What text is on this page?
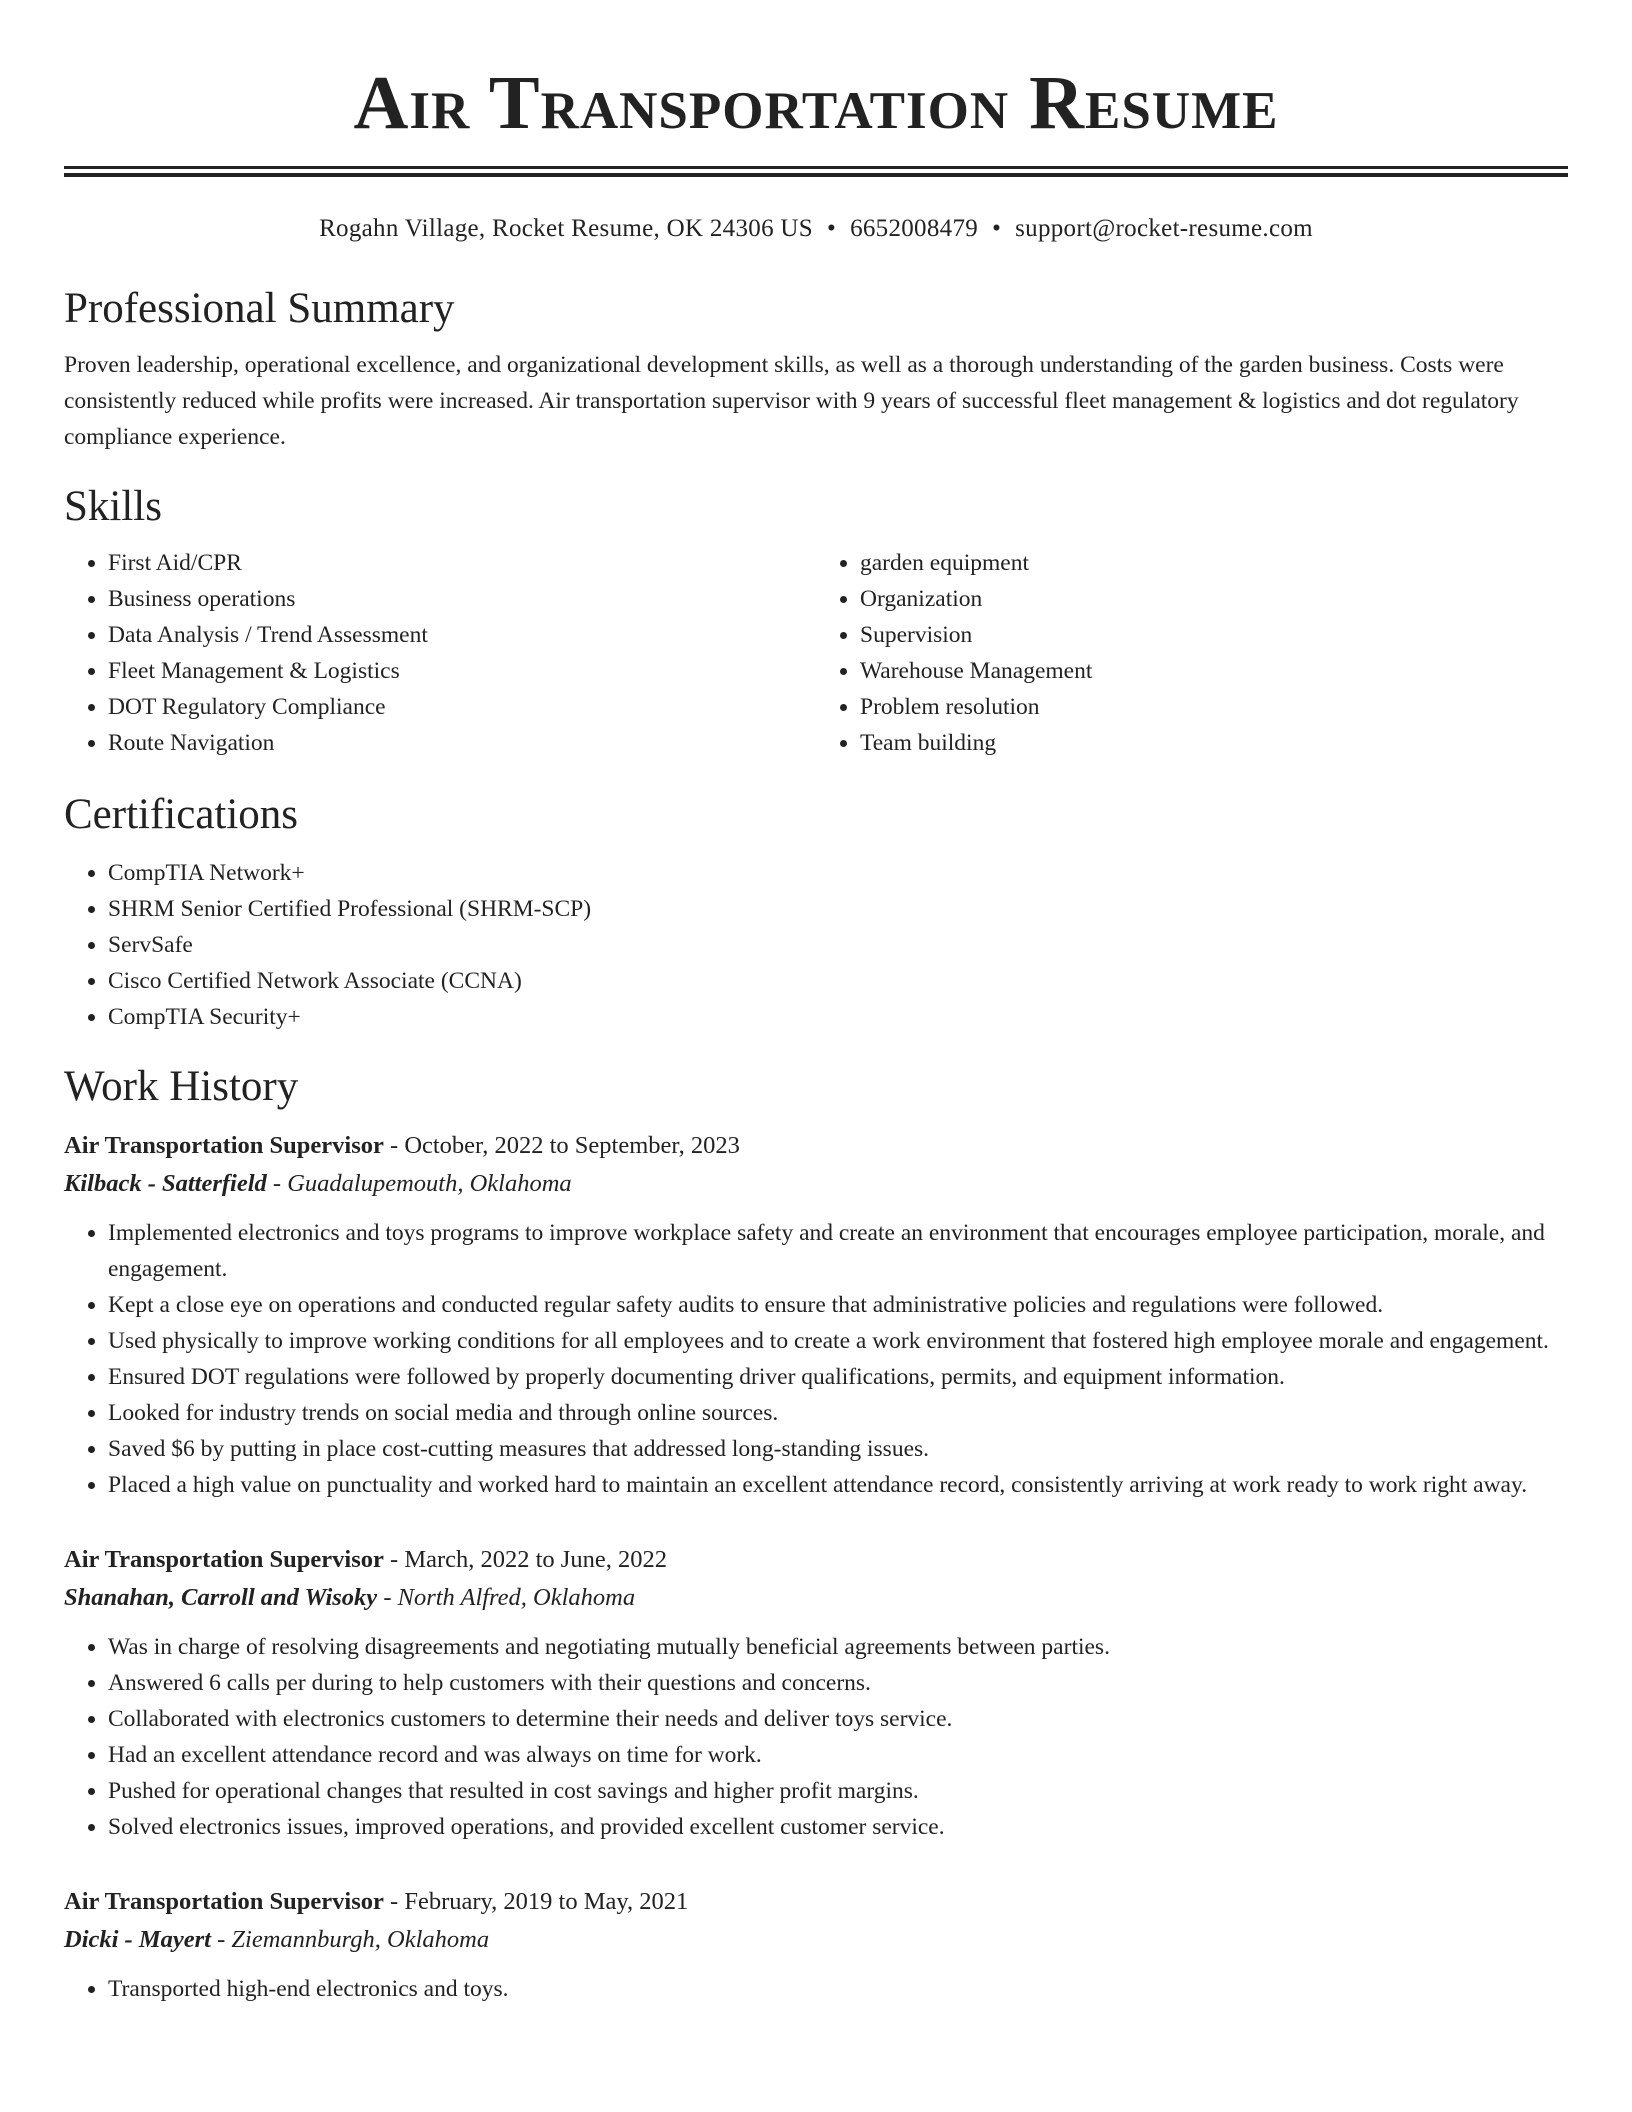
Air Transportation Resume
Rogahn Village, Rocket Resume, OK 24306 US • 6652008479 • support@rocket-resume.com
Professional Summary

Proven leadership, operational excellence, and organizational development skills, as well as a thorough understanding of the garden business. Costs were consistently reduced while profits were increased. Air transportation supervisor with 9 years of successful fleet management & logistics and dot regulatory compliance experience.

Skills
• First Aid/CPR
• Business operations
• Data Analysis / Trend Assessment
• Fleet Management & Logistics
• DOT Regulatory Compliance
• Route Navigation
• garden equipment
• Organization
• Supervision
• Warehouse Management
• Problem resolution
• Team building
Certifications
• CompTIA Network+
• SHRM Senior Certified Professional (SHRM-SCP)
• ServSafe
• Cisco Certified Network Associate (CCNA)
• CompTIA Security+
Work History
Air Transportation Supervisor - October, 2022 to September, 2023
Kilback - Satterfield - Guadalupemouth, Oklahoma
• Implemented electronics and toys programs to improve workplace safety and create an environment that encourages employee participation, morale, and engagement.
• Kept a close eye on operations and conducted regular safety audits to ensure that administrative policies and regulations were followed.
• Used physically to improve working conditions for all employees and to create a work environment that fostered high employee morale and engagement.
• Ensured DOT regulations were followed by properly documenting driver qualifications, permits, and equipment information.
• Looked for industry trends on social media and through online sources.
• Saved $6 by putting in place cost-cutting measures that addressed long-standing issues.
• Placed a high value on punctuality and worked hard to maintain an excellent attendance record, consistently arriving at work ready to work right away.
Air Transportation Supervisor - March, 2022 to June, 2022
Shanahan, Carroll and Wisoky - North Alfred, Oklahoma
• Was in charge of resolving disagreements and negotiating mutually beneficial agreements between parties.
• Answered 6 calls per during to help customers with their questions and concerns.
• Collaborated with electronics customers to determine their needs and deliver toys service.
• Had an excellent attendance record and was always on time for work.
• Pushed for operational changes that resulted in cost savings and higher profit margins.
• Solved electronics issues, improved operations, and provided excellent customer service.
Air Transportation Supervisor - February, 2019 to May, 2021
Dicki - Mayert - Ziemannburgh, Oklahoma
• Transported high-end electronics and toys.
